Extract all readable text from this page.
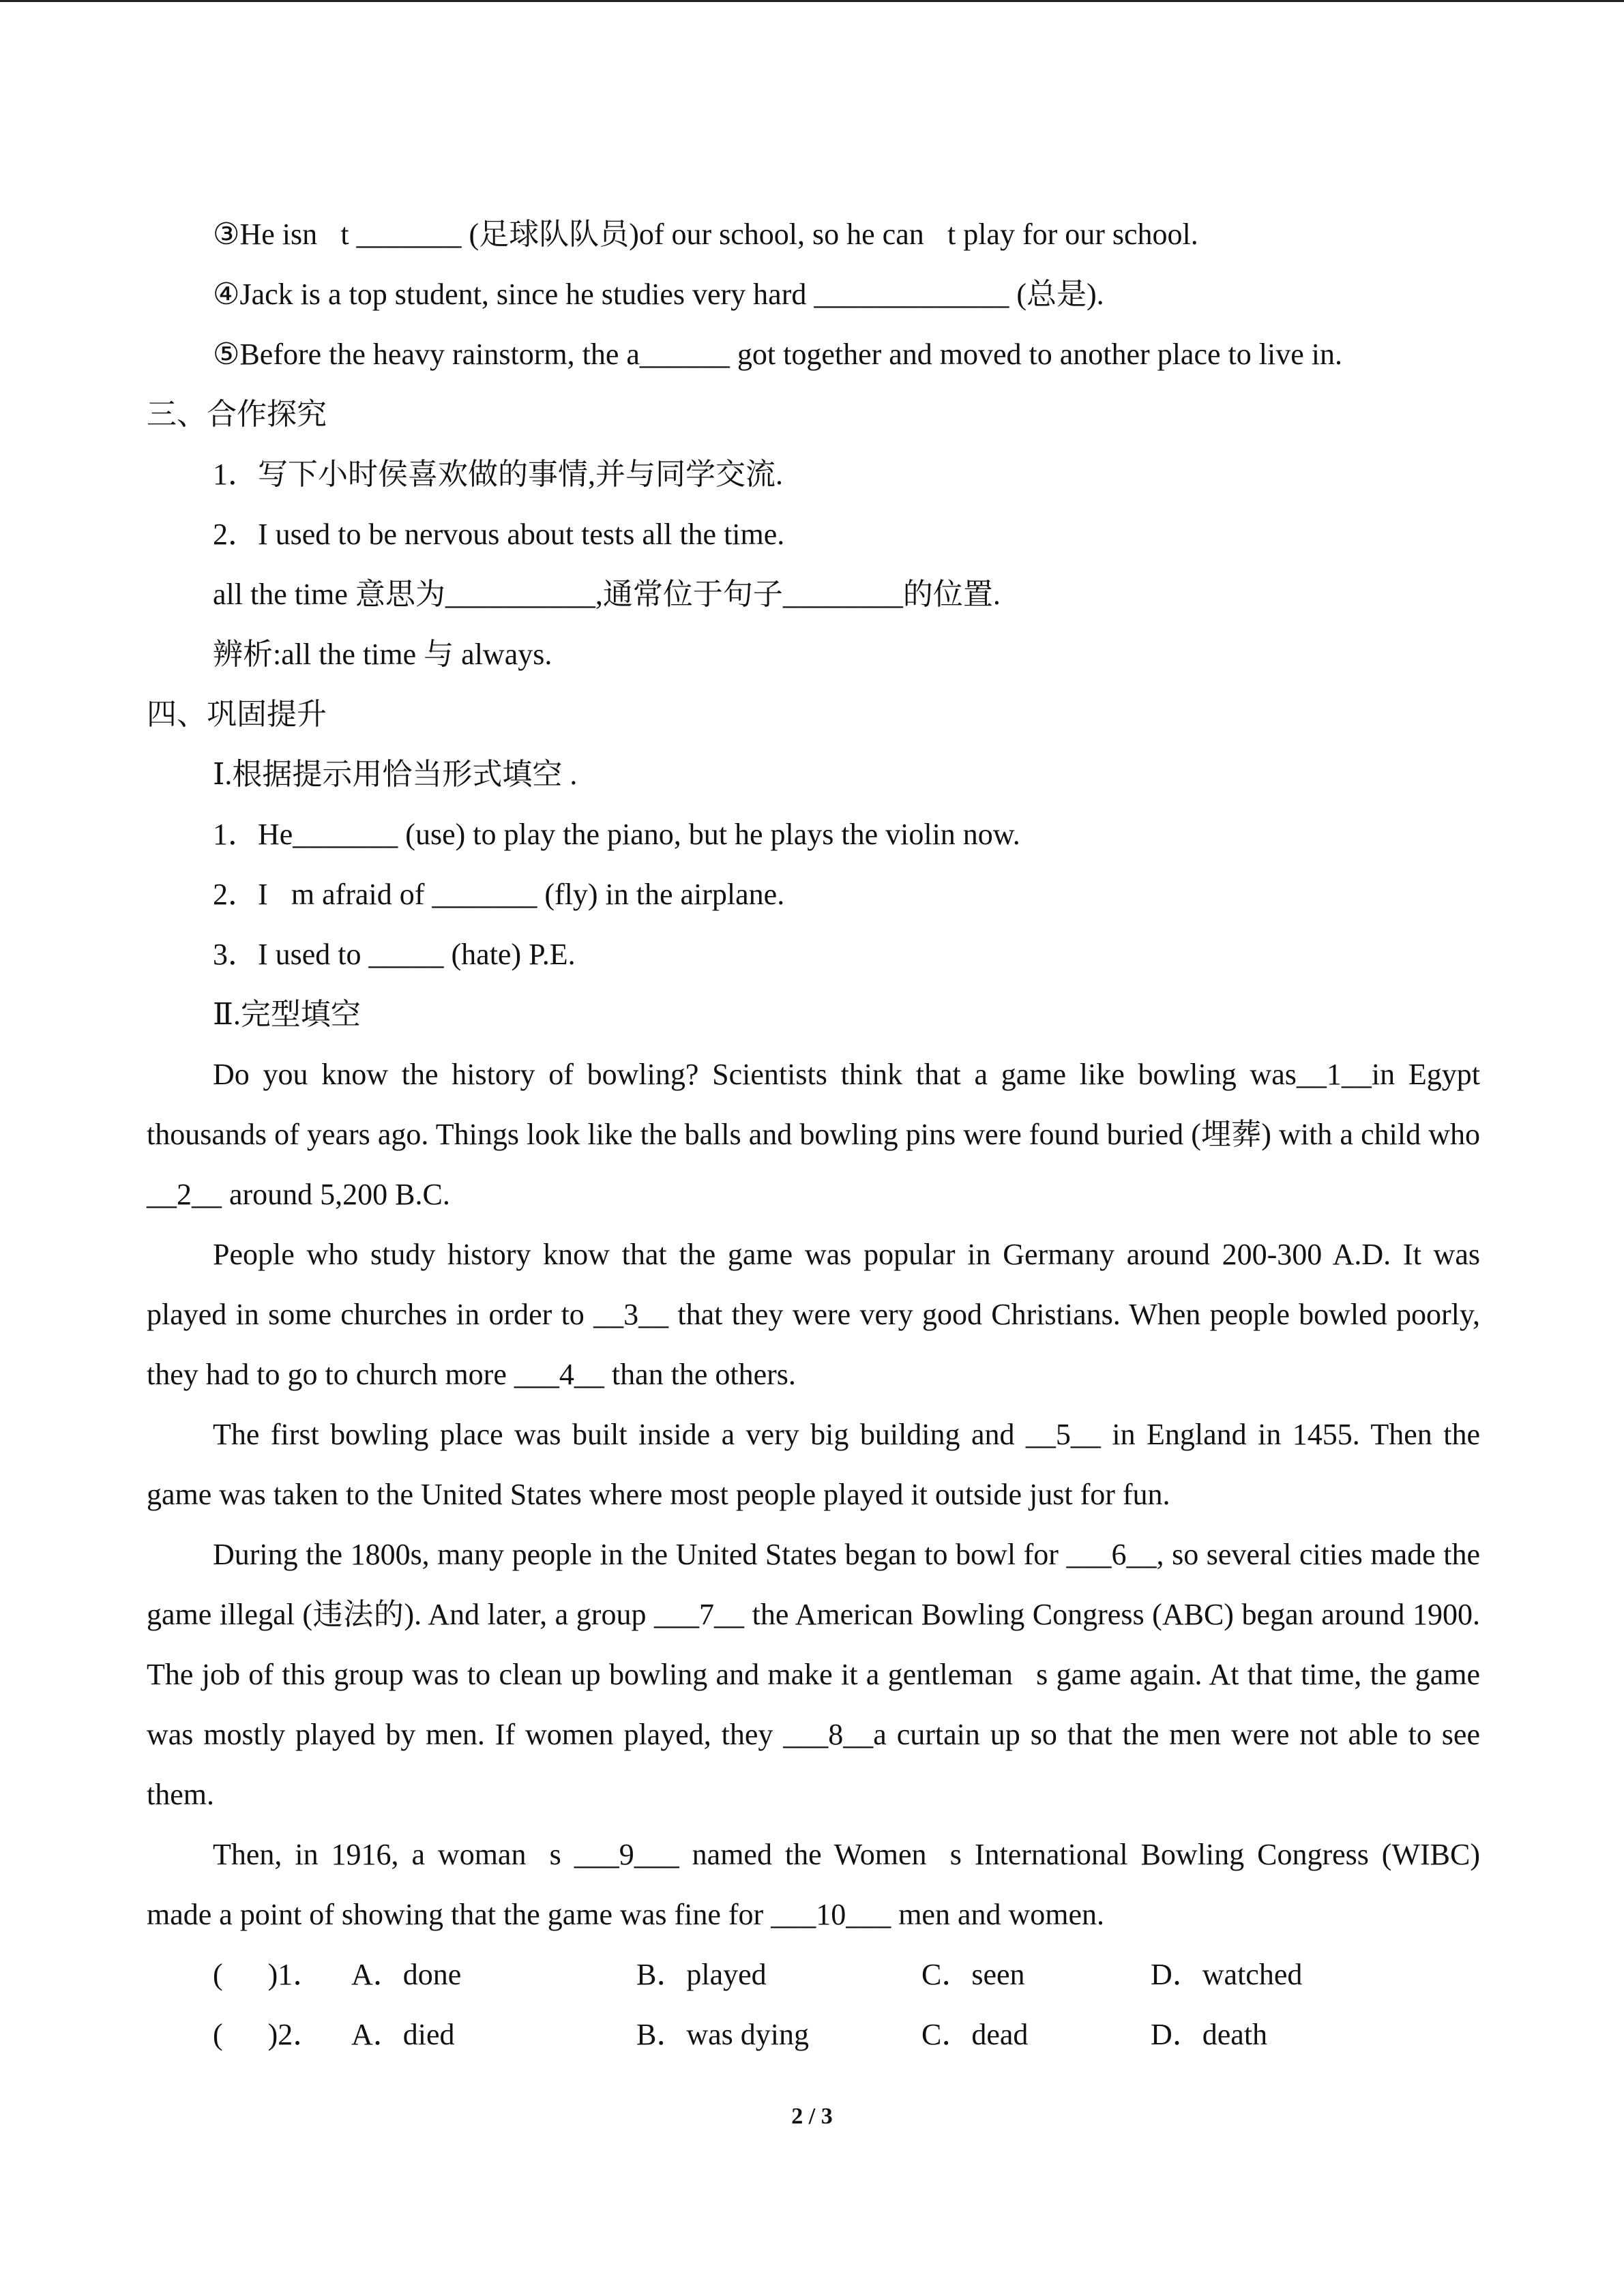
③He isn t _______ (足球队队员)of our school, so he can t play for our school.
④Jack is a top student, since he studies very hard _____________ (总是).
⑤Before the heavy rainstorm, the a______ got together and moved to another place to live in.
三、合作探究
1．写下小时侯喜欢做的事情,并与同学交流.
2．I used to be nervous about tests all the time.
all the time 意思为__________,通常位于句子________的位置.
辨析:all the time 与 always.
四、巩固提升
Ⅰ.根据提示用恰当形式填空 .
1．He_______ (use) to play the piano, but he plays the violin now.
2．I m afraid of _______ (fly) in the airplane.
3．I used to _____ (hate) P.E.
Ⅱ.完型填空
Do you know the history of bowling? Scientists think that a game like bowling was__1__in Egypt thousands of years ago. Things look like the balls and bowling pins were found buried (埋葬) with a child who __2__ around 5,200 B.C.
People who study history know that the game was popular in Germany around 200-300 A.D. It was played in some churches in order to __3__ that they were very good Christians. When people bowled poorly, they had to go to church more ___4__ than the others.
The first bowling place was built inside a very big building and __5__ in England in 1455. Then the game was taken to the United States where most people played it outside just for fun.
During the 1800s, many people in the United States began to bowl for ___6__, so several cities made the game illegal (违法的). And later, a group ___7__ the American Bowling Congress (ABC) began around 1900. The job of this group was to clean up bowling and make it a gentleman s game again. At that time, the game was mostly played by men. If women played, they ___8__a curtain up so that the men were not able to see them.
Then, in 1916, a woman s ___9___ named the Women s International Bowling Congress (WIBC) made a point of showing that the game was fine for ___10___ men and women.
(      )1． A．done	B．played	C．seen	D．watched
(      )2． A．died	B．was dying	C．dead	D．death
2 / 3
